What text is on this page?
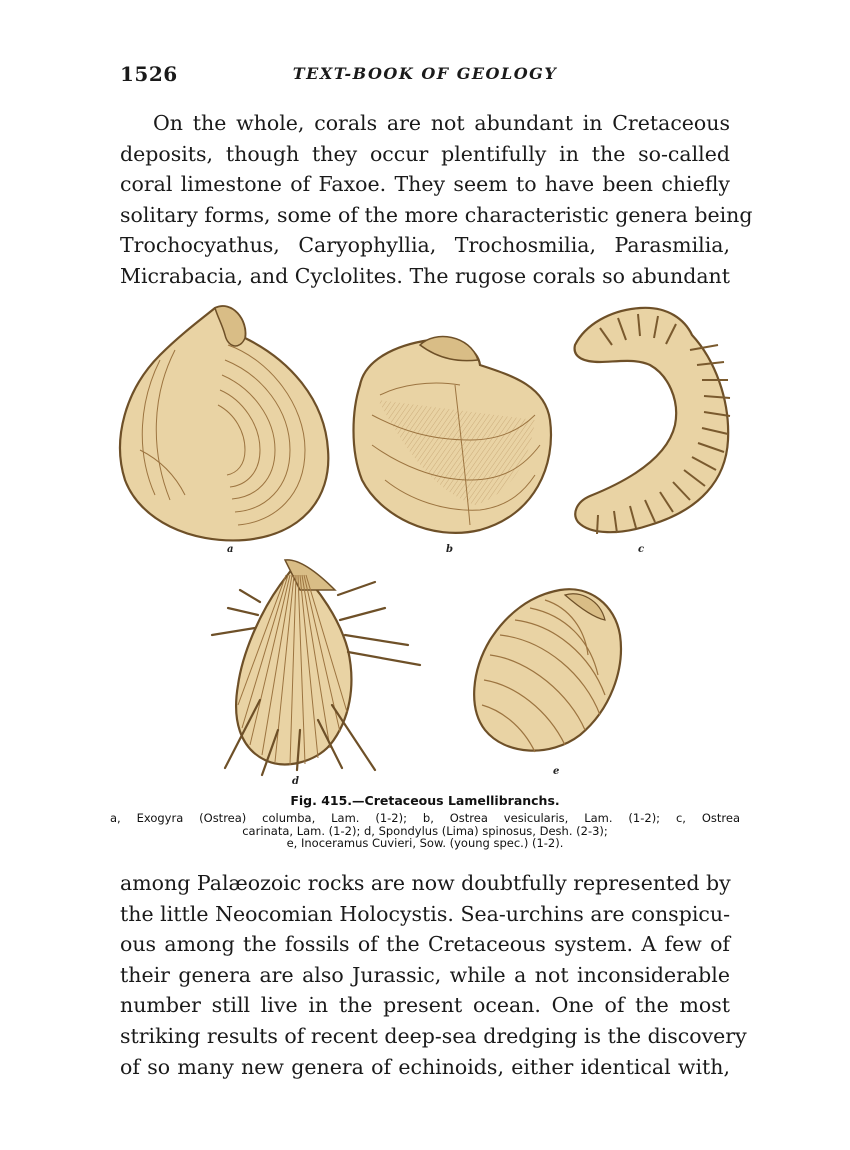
1526	TEXT-BOOK OF GEOLOGY

On the whole, corals are not abundant in Cretaceous
deposits, though they occur plentifully in the so-called
coral limestone of Faxoe. They seem to have been chiefly
solitary forms, some of the more characteristic genera being
Trochocyathus, Caryophyllia, Trochosmilia, Parasmilia,
Micrabacia, and Cyclolites. The rugose corals so abundant

a	b	c
d
e
Fig. 415.—Cretaceous Lamellibranchs.
a, Exogyra (Ostrea) columba, Lam. (1-2); b, Ostrea vesicularis, Lam. (1-2); c, Ostrea
carinata, Lam. (1-2); d, Spondylus (Lima) spinosus, Desh. (2-3);
e, Inoceramus Cuvieri, Sow. (young spec.) (1-2).

among Palæozoic rocks are now doubtfully represented by
the little Neocomian Holocystis. Sea-urchins are conspicu-
ous among the fossils of the Cretaceous system. A few of
their genera are also Jurassic, while a not inconsiderable
number still live in the present ocean. One of the most
striking results of recent deep-sea dredging is the discovery
of so many new genera of echinoids, either identical with,
